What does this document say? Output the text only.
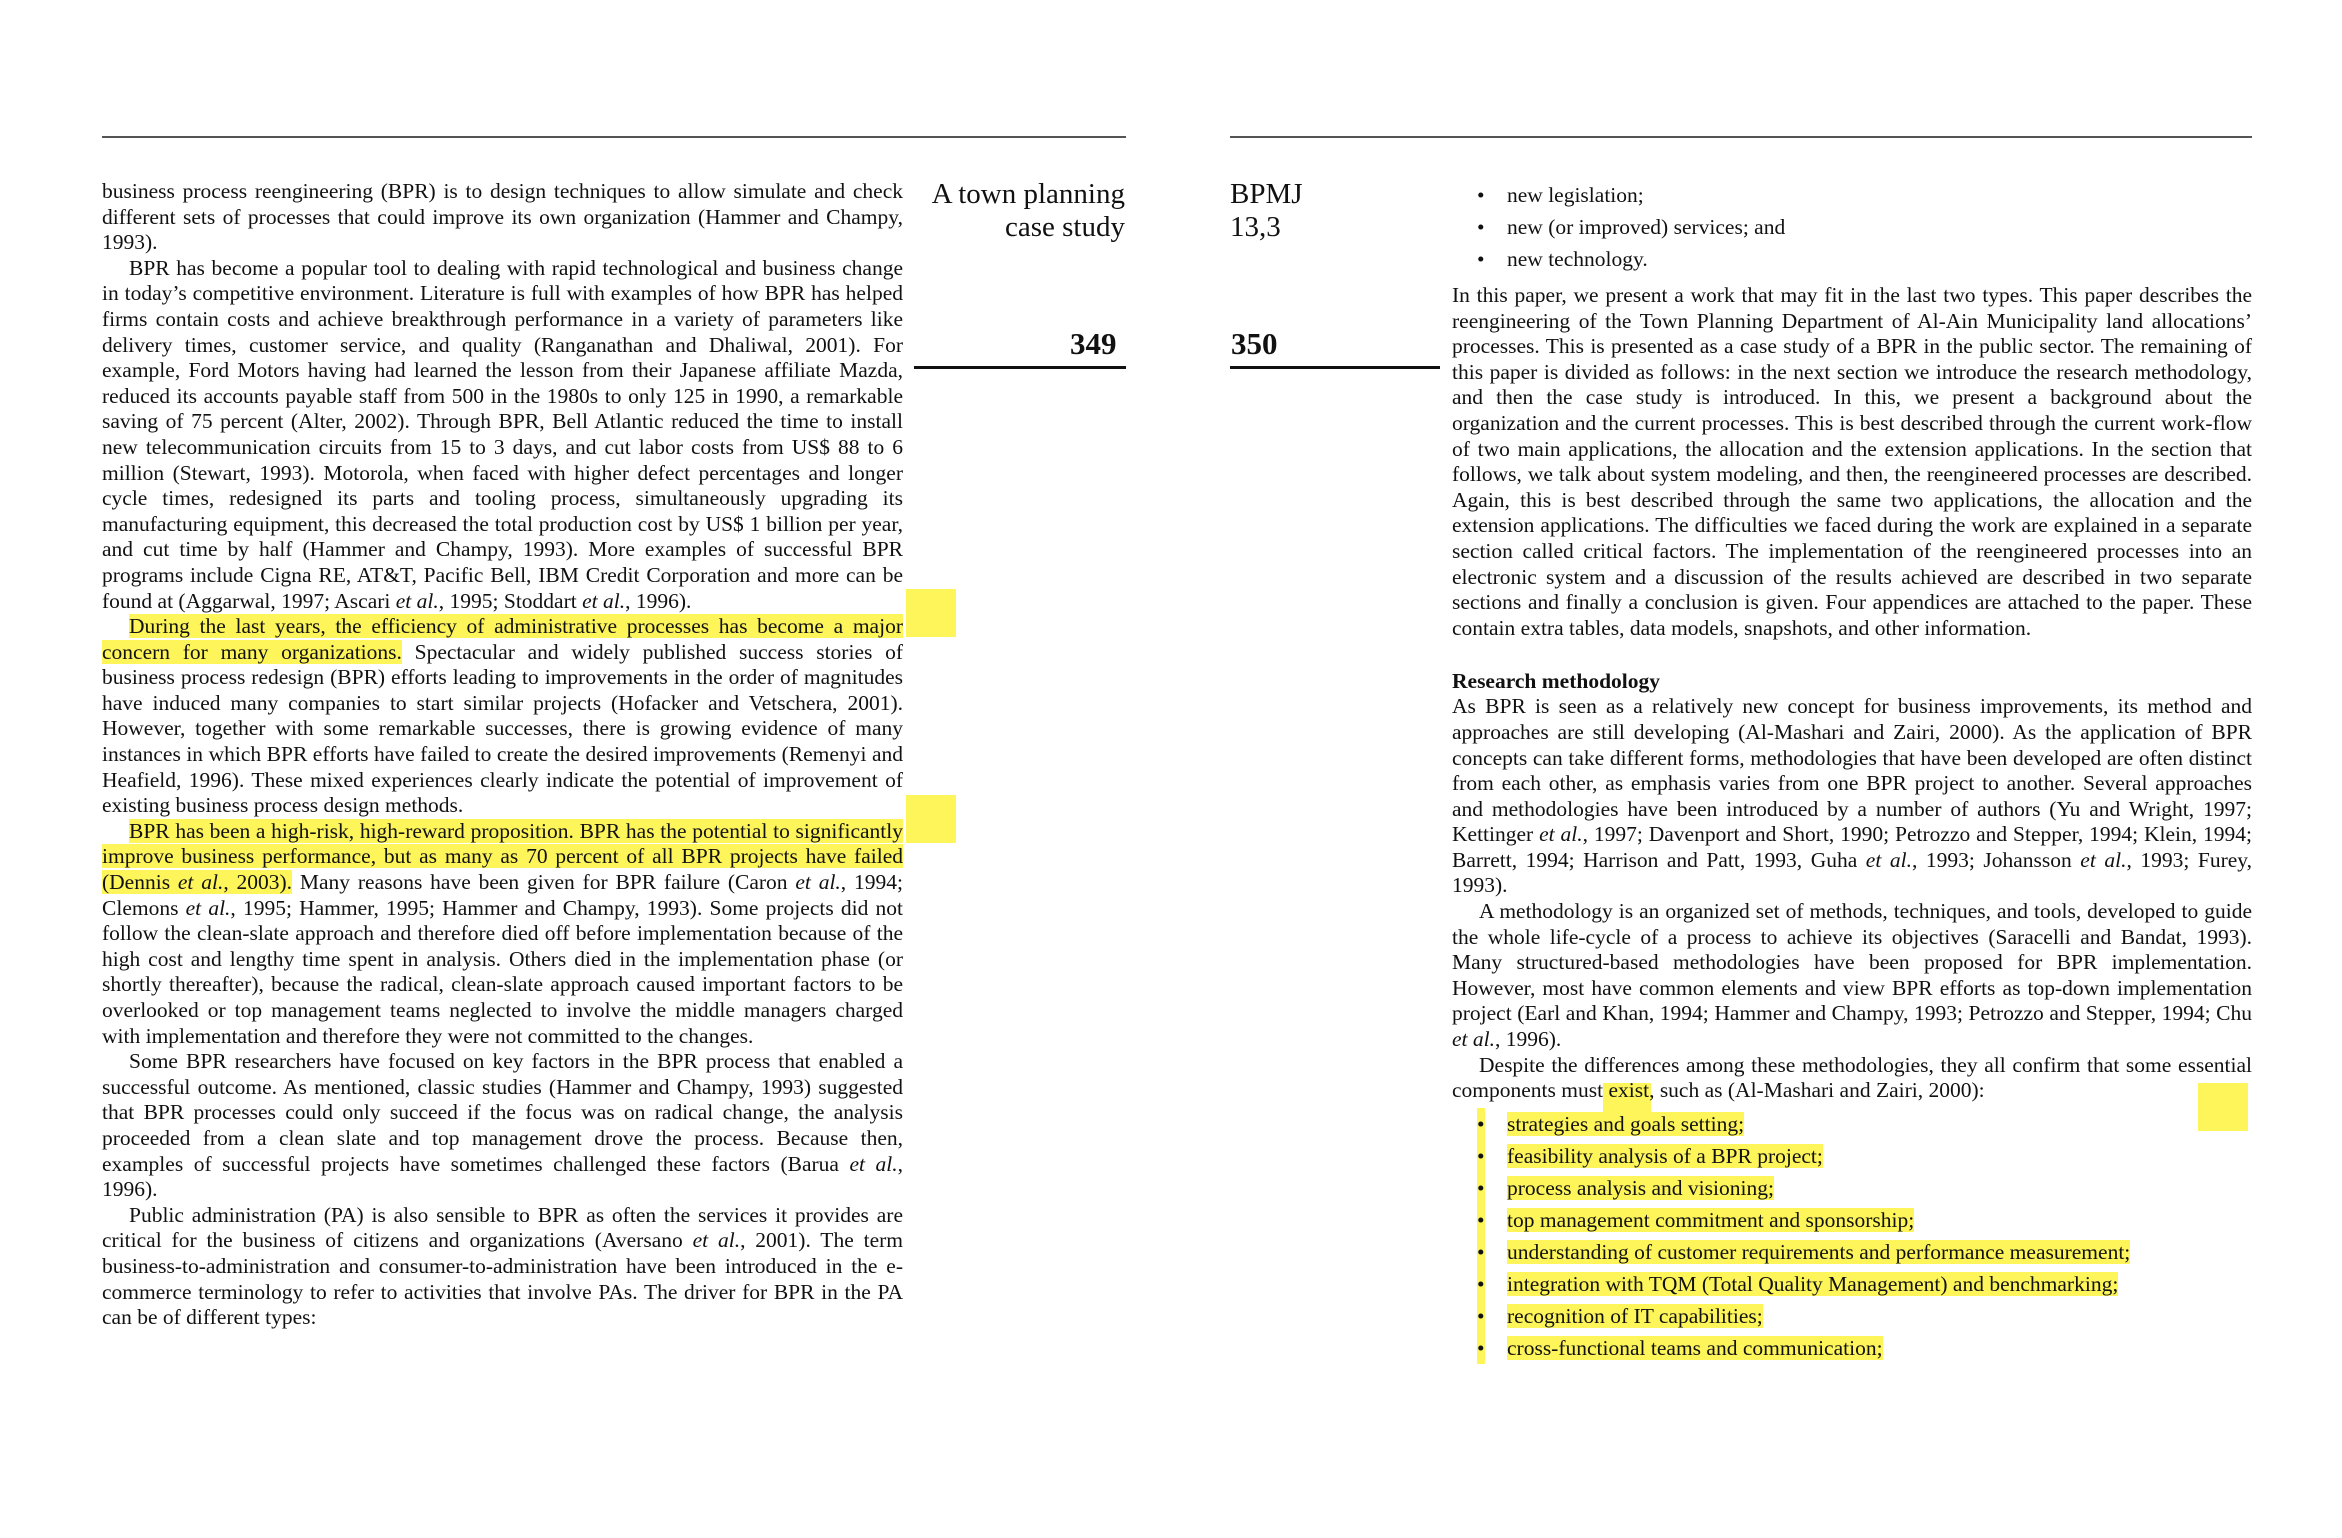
A town planning
case study
349

business process reengineering (BPR) is to design techniques to allow simulate and check different sets of processes that could improve its own organization (Hammer and Champy, 1993).

BPR has become a popular tool to dealing with rapid technological and business change in today’s competitive environment. Literature is full with examples of how BPR has helped firms contain costs and achieve breakthrough performance in a variety of parameters like delivery times, customer service, and quality (Ranganathan and Dhaliwal, 2001). For example, Ford Motors having had learned the lesson from their Japanese affiliate Mazda, reduced its accounts payable staff from 500 in the 1980s to only 125 in 1990, a remarkable saving of 75 percent (Alter, 2002). Through BPR, Bell Atlantic reduced the time to install new telecommunication circuits from 15 to 3 days, and cut labor costs from US$ 88 to 6 million (Stewart, 1993). Motorola, when faced with higher defect percentages and longer cycle times, redesigned its parts and tooling process, simultaneously upgrading its manufacturing equipment, this decreased the total production cost by US$ 1 billion per year, and cut time by half (Hammer and Champy, 1993). More examples of successful BPR programs include Cigna RE, AT&T, Pacific Bell, IBM Credit Corporation and more can be found at (Aggarwal, 1997; Ascari et al., 1995; Stoddart et al., 1996).

During the last years, the efficiency of administrative processes has become a major concern for many organizations. Spectacular and widely published success stories of business process redesign (BPR) efforts leading to improvements in the order of magnitudes have induced many companies to start similar projects (Hofacker and Vetschera, 2001). However, together with some remarkable successes, there is growing evidence of many instances in which BPR efforts have failed to create the desired improvements (Remenyi and Heafield, 1996). These mixed experiences clearly indicate the potential of improvement of existing business process design methods.

BPR has been a high-risk, high-reward proposition. BPR has the potential to significantly improve business performance, but as many as 70 percent of all BPR projects have failed (Dennis et al., 2003). Many reasons have been given for BPR failure (Caron et al., 1994; Clemons et al., 1995; Hammer, 1995; Hammer and Champy, 1993). Some projects did not follow the clean-slate approach and therefore died off before implementation because of the high cost and lengthy time spent in analysis. Others died in the implementation phase (or shortly thereafter), because the radical, clean-slate approach caused important factors to be overlooked or top management teams neglected to involve the middle managers charged with implementation and therefore they were not committed to the changes.

Some BPR researchers have focused on key factors in the BPR process that enabled a successful outcome. As mentioned, classic studies (Hammer and Champy, 1993) suggested that BPR processes could only succeed if the focus was on radical change, the analysis proceeded from a clean slate and top management drove the process. Because then, examples of successful projects have sometimes challenged these factors (Barua et al., 1996).

Public administration (PA) is also sensible to BPR as often the services it provides are critical for the business of citizens and organizations (Aversano et al., 2001). The term business-to-administration and consumer-to-administration have been introduced in the e-commerce terminology to refer to activities that involve PAs. The driver for BPR in the PA can be of different types:

BPMJ
13,3
350
• new legislation;
• new (or improved) services; and
• new technology.

In this paper, we present a work that may fit in the last two types. This paper describes the reengineering of the Town Planning Department of Al-Ain Municipality land allocations’ processes. This is presented as a case study of a BPR in the public sector. The remaining of this paper is divided as follows: in the next section we introduce the research methodology, and then the case study is introduced. In this, we present a background about the organization and the current processes. This is best described through the current work-flow of two main applications, the allocation and the extension applications. In the section that follows, we talk about system modeling, and then, the reengineered processes are described. Again, this is best described through the same two applications, the allocation and the extension applications. The difficulties we faced during the work are explained in a separate section called critical factors. The implementation of the reengineered processes into an electronic system and a discussion of the results achieved are described in two separate sections and finally a conclusion is given. Four appendices are attached to the paper. These contain extra tables, data models, snapshots, and other information.

Research methodology

As BPR is seen as a relatively new concept for business improvements, its method and approaches are still developing (Al-Mashari and Zairi, 2000). As the application of BPR concepts can take different forms, methodologies that have been developed are often distinct from each other, as emphasis varies from one BPR project to another. Several approaches and methodologies have been introduced by a number of authors (Yu and Wright, 1997; Kettinger et al., 1997; Davenport and Short, 1990; Petrozzo and Stepper, 1994; Klein, 1994; Barrett, 1994; Harrison and Patt, 1993, Guha et al., 1993; Johansson et al., 1993; Furey, 1993).

A methodology is an organized set of methods, techniques, and tools, developed to guide the whole life-cycle of a process to achieve its objectives (Saracelli and Bandat, 1993). Many structured-based methodologies have been proposed for BPR implementation. However, most have common elements and view BPR efforts as top-down implementation project (Earl and Khan, 1994; Hammer and Champy, 1993; Petrozzo and Stepper, 1994; Chu et al., 1996).

Despite the differences among these methodologies, they all confirm that some essential components must exist, such as (Al-Mashari and Zairi, 2000):

• strategies and goals setting;
• feasibility analysis of a BPR project;
• process analysis and visioning;
• top management commitment and sponsorship;
• understanding of customer requirements and performance measurement;
• integration with TQM (Total Quality Management) and benchmarking;
• recognition of IT capabilities;
• cross-functional teams and communication;
